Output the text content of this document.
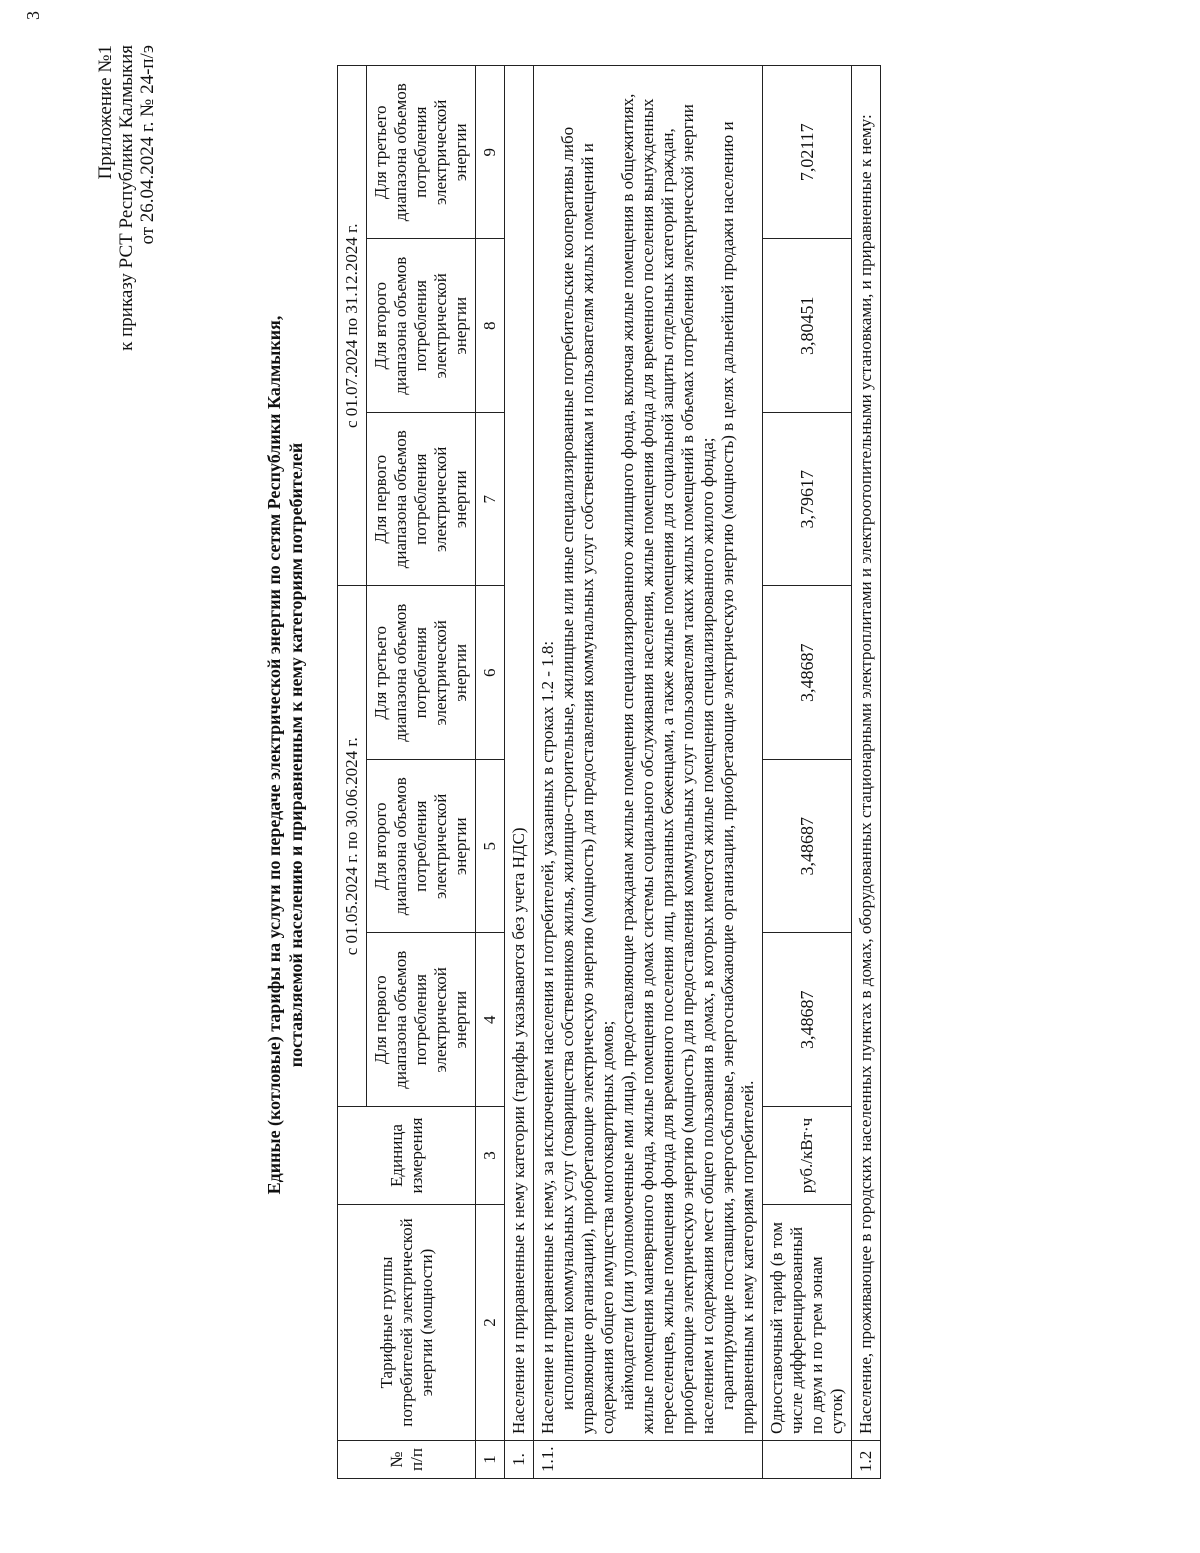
3
Приложение №1 к приказу РСТ Республики Калмыкия от 26.04.2024 г. № 24-п/э
Единые (котловые) тарифы на услуги по передаче электрической энергии по сетям Республики Калмыкия, поставляемой населению и приравненным к нему категориям потребителей
№ п/п	Тарифные группы потребителей электрической энергии (мощности)	Единица измерения	с 01.05.2024 г. по 30.06.2024 г.			с 01.07.2024 по 31.12.2024 г.		
			Для первого диапазона объемов потребления электрической энергии	Для второго диапазона объемов потребления электрической энергии	Для третьего диапазона объемов потребления электрической энергии	Для первого диапазона объемов потребления электрической энергии	Для второго диапазона объемов потребления электрической энергии	Для третьего диапазона объемов потребления электрической энергии
1	2	3	4	5	6	7	8	9
1.	Население и приравненные к нему категории (тарифы указываются без учета НДС)							
1.1.	Население и приравненные к нему, за исключением населения и потребителей, указанных в строках 1.2 - 1.8: исполнители коммунальных услуг (товарищества собственников жилья, жилищно-строительные, жилищные или иные специализированные потребительские кооперативы либо управляющие организации), приобретающие электрическую энергию (мощность) для предоставления коммунальных услуг собственникам и пользователям жилых помещений и содержания общего имущества многоквартирных домов; наймодатели (или уполномоченные ими лица), предоставляющие гражданам жилые помещения специализированного жилищного фонда, включая жилые помещения в общежитиях, жилые помещения маневренного фонда, жилые помещения в домах системы социального обслуживания населения, жилые помещения фонда для временного поселения вынужденных переселенцев, жилые помещения фонда для временного поселения лиц, признанных беженцами, а также жилые помещения для социальной защиты отдельных категорий граждан, приобретающие электрическую энергию (мощность) для предоставления коммунальных услуг пользователям таких жилых помещений в объемах потребления электрической энергии населением и содержания мест общего пользования в домах, в которых имеются жилые помещения специализированного жилого фонда; гарантирующие поставщики, энергосбытовые, энергоснабжающие организации, приобретающие электрическую энергию (мощность) в целях дальнейшей продажи населению и приравненным к нему категориям потребителей.							

	Одноставочный тариф (в том числе дифференцированный по двум и по трем зонам суток)	руб./кВт·ч	3,48687	3,48687	3,48687	3,79617	3,80451	7,02117
1.2	Население, проживающее в городских населенных пунктах в домах, оборудованных стационарными электроплитами и электроотопительными установками, и приравненные к нему:							
